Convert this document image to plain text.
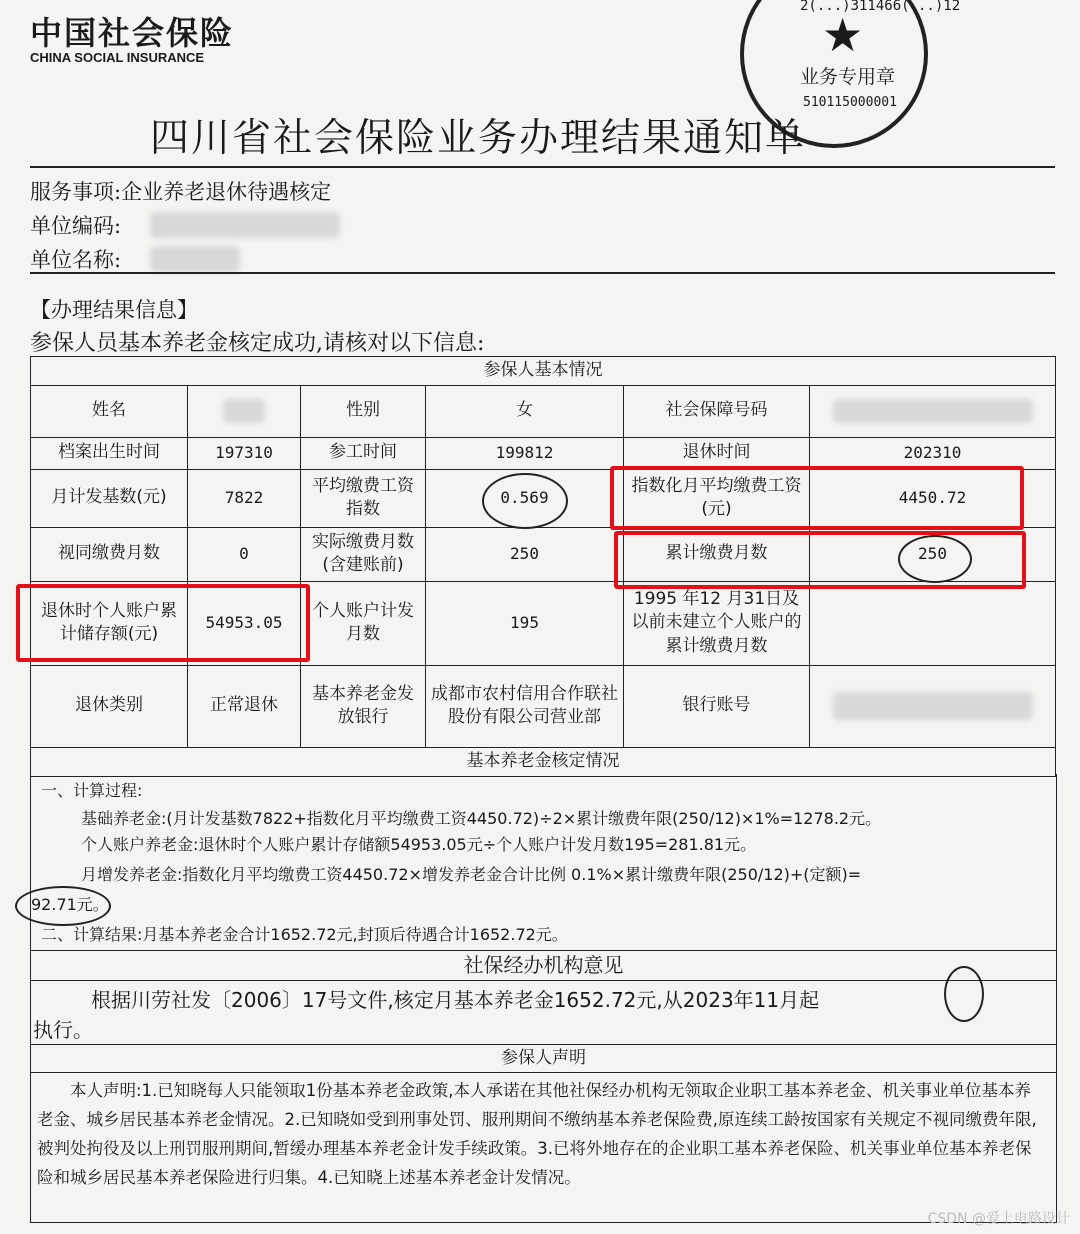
中国社会保险
CHINA SOCIAL INSURANCE
2(...)311466(...)12
★
业务专用章
510115000001
四川省社会保险业务办理结果通知单
服务事项:企业养老退休待遇核定
单位编码:
单位名称:
【办理结果信息】
参保人员基本养老金核定成功,请核对以下信息:
参保人基本情况					
姓名		性别	女	社会保障号码	

档案出生时间	197310	参工时间	199812	退休时间	202310
月计发基数(元)	7822	平均缴费工资指数	0.569	指数化月平均缴费工资(元)	4450.72
视同缴费月数	0	实际缴费月数(含建账前)	250	累计缴费月数	250
退休时个人账户累计储存额(元)	54953.05	个人账户计发月数	195	1995 年12 月31日及以前未建立个人账户的累计缴费月数	
退休类别	正常退休	基本养老金发放银行	成都市农村信用合作联社股份有限公司营业部	银行账号	

基本养老金核定情况					
一、计算过程:
基础养老金:(月计发基数7822+指数化月平均缴费工资4450.72)÷2×累计缴费年限(250/12)×1%=1278.2元。
个人账户养老金:退休时个人账户累计存储额54953.05元÷个人账户计发月数195=281.81元。
月增发养老金:指数化月平均缴费工资4450.72×增发养老金合计比例 0.1%×累计缴费年限(250/12)+(定额)=
92.71元。
二、计算结果:月基本养老金合计1652.72元,封顶后待遇合计1652.72元。
社保经办机构意见
根据川劳社发〔2006〕17号文件,核定月基本养老金1652.72元,从2023年11月起
执行。
参保人声明
本人声明:1.已知晓每人只能领取1份基本养老金政策,本人承诺在其他社保经办机构无领取企业职工基本养老金、机关事业单位基本养老金、城乡居民基本养老金情况。2.已知晓如受到刑事处罚、服刑期间不缴纳基本养老保险费,原连续工龄按国家有关规定不视同缴费年限,被判处拘役及以上刑罚服刑期间,暂缓办理基本养老金计发手续政策。3.已将外地存在的企业职工基本养老保险、机关事业单位基本养老保险和城乡居民基本养老保险进行归集。4.已知晓上述基本养老金计发情况。
CSDN @爱上电路设计
